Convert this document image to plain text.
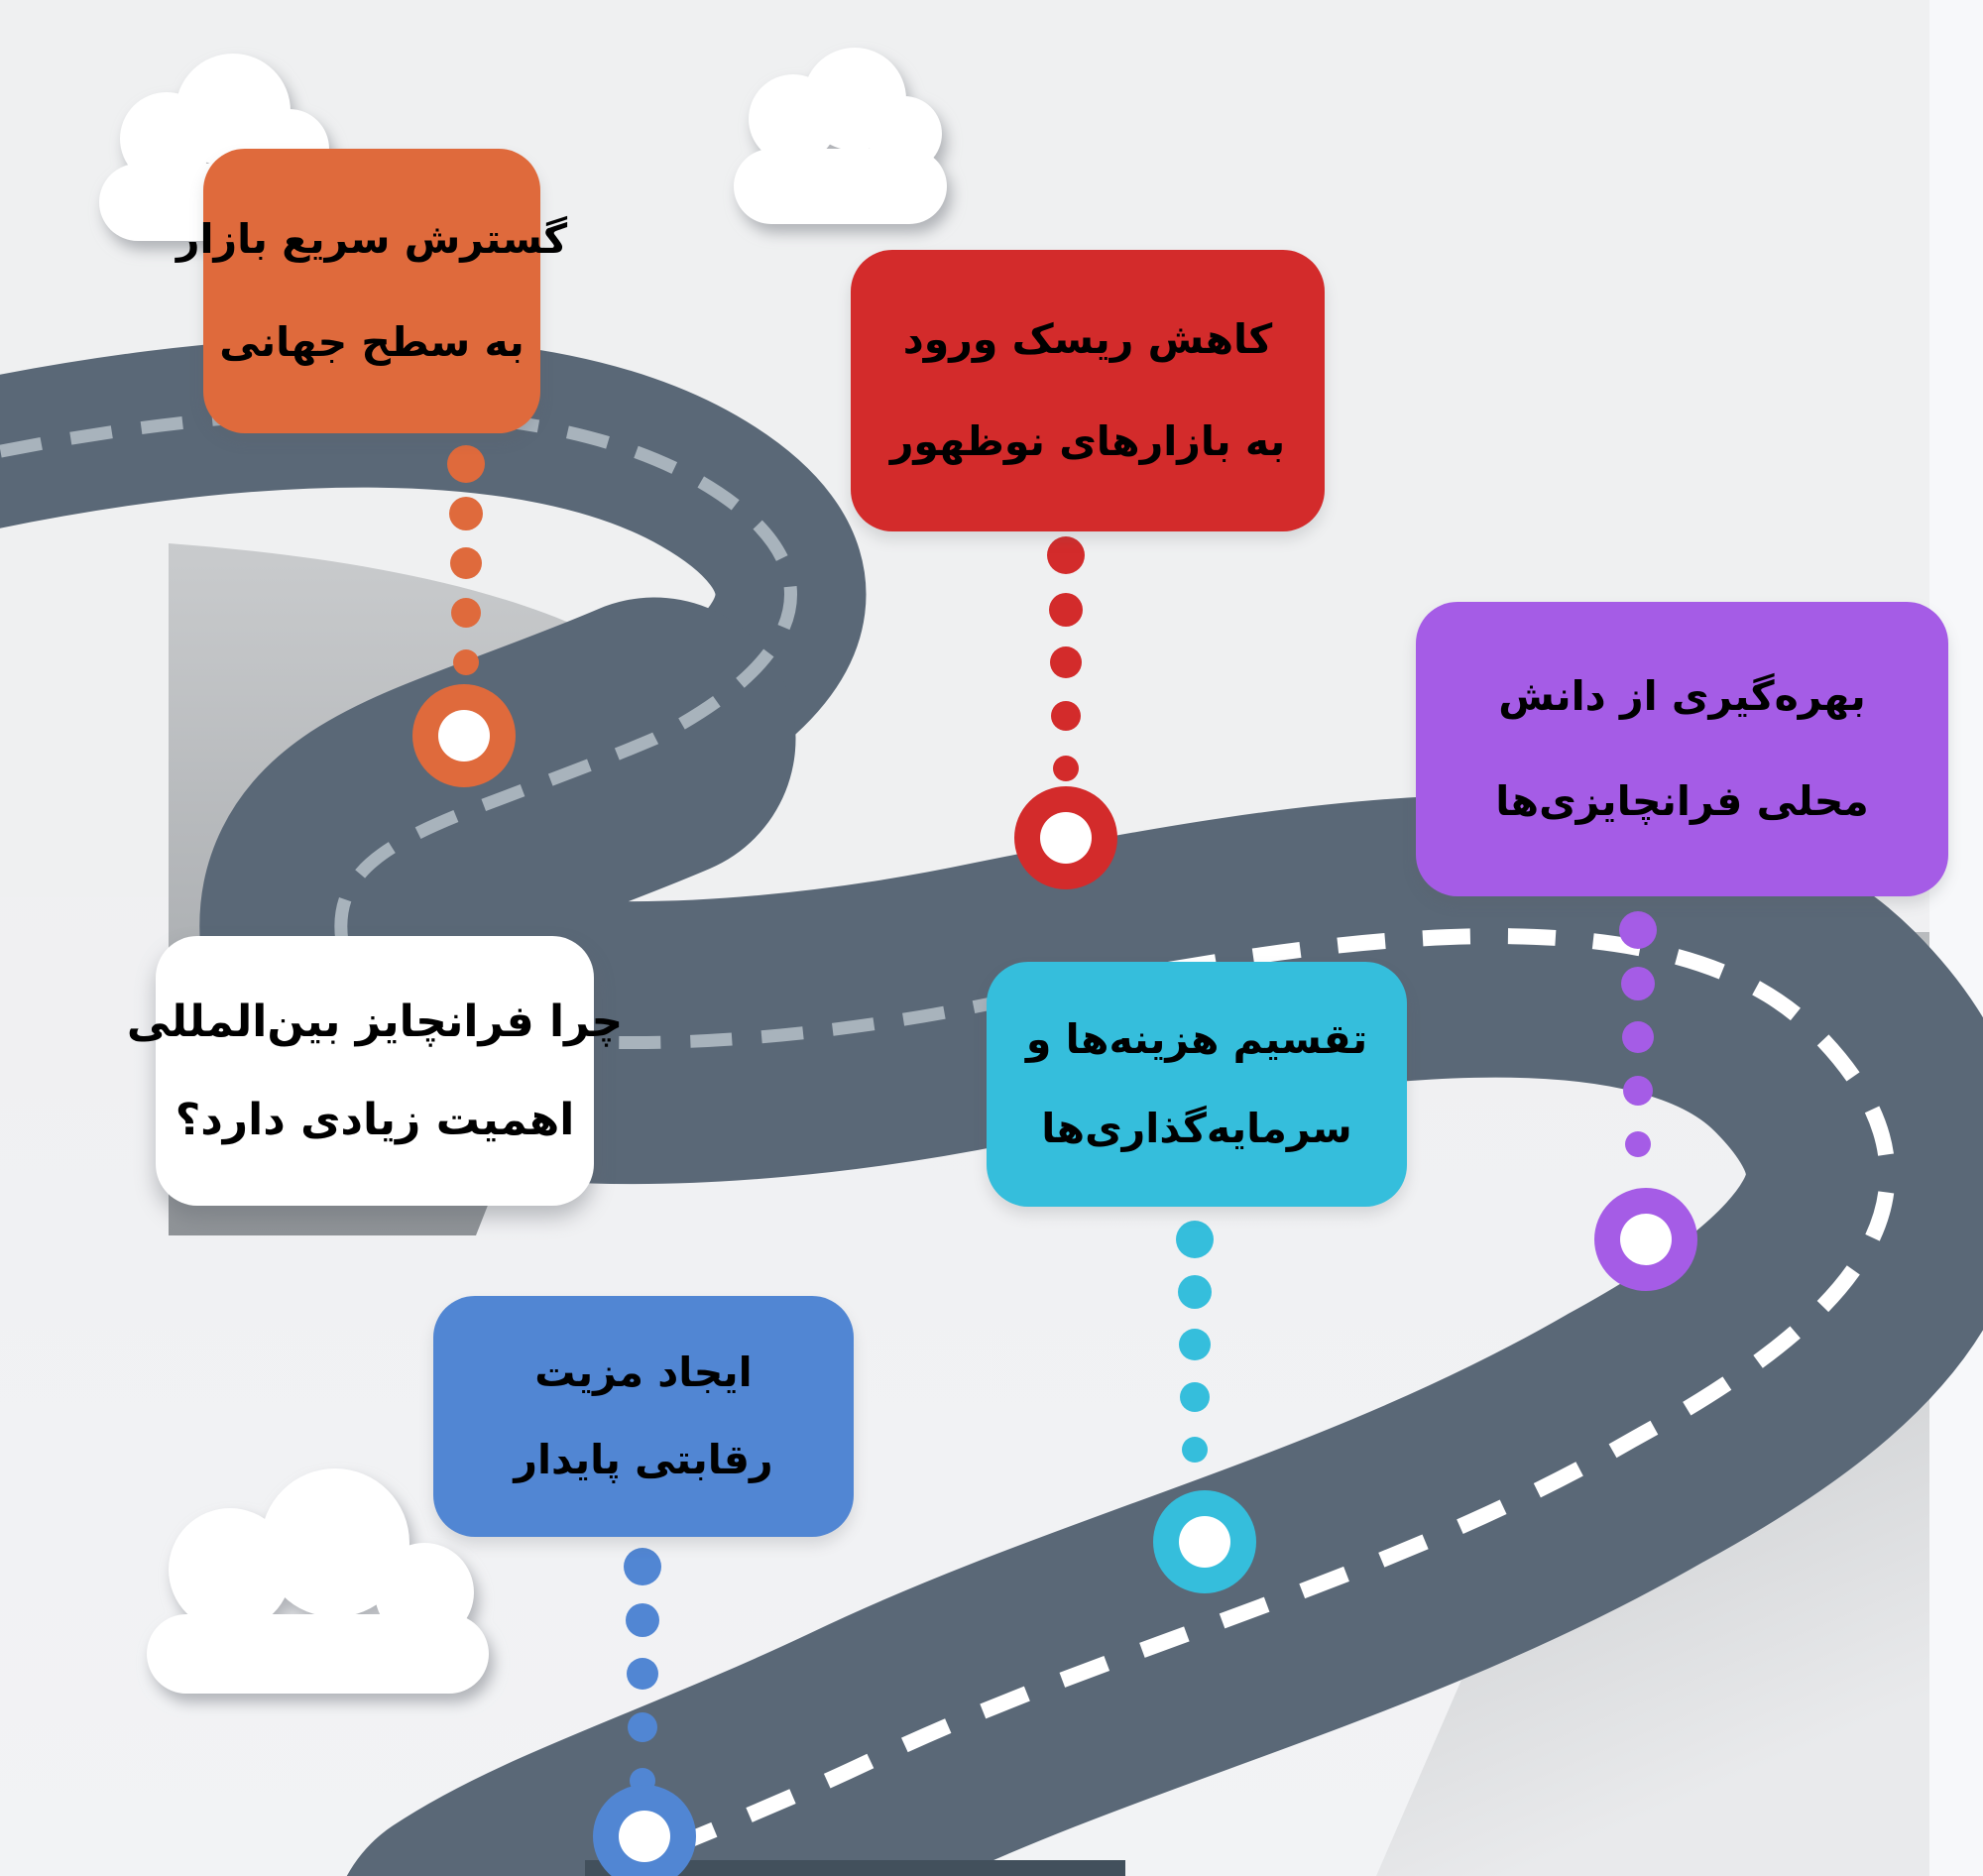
گسترش سریع بازار
به سطح جهانی	کاهش ریسک ورود
به بازارهای نوظهور
بهره‌گیری از دانش
محلی فرانچایزی‌ها
چرا فرانچایز بین‌المللی
اهمیت زیادی دارد؟
تقسیم هزینه‌ها و
سرمایه‌گذاری‌ها
ایجاد مزیت
رقابتی پایدار
